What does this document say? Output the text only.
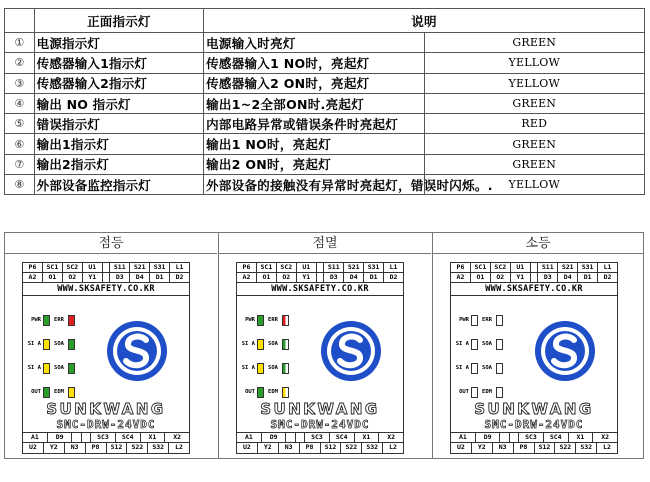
	正面指示灯	说明	
①	电源指示灯	电源输入时亮灯	GREEN
②	传感器输入1指示灯	传感器输入1 NO时，亮起灯	YELLOW
③	传感器输入2指示灯	传感器输入2 ON时，亮起灯	YELLOW
④	输出 NO 指示灯	输出1~2全部ON时.亮起灯	GREEN
⑤	错误指示灯	内部电路异常或错误条件时亮起灯	RED
⑥	输出1指示灯	输出1 NO时，亮起灯	GREEN
⑦	输出2指示灯	输出2 ON时，亮起灯	GREEN
⑧	外部设备监控指示灯	外部设备的接触没有异常时亮起灯，错误时闪烁。.	YELLOW
점등
P6	SC1	SC2	U1	S11	S21	S31	L1
A2	O1	O2	Y1	D3	D4	D1	D2
WWW.SKSAFETY.CO.KR
PWR	ERR
SI A	SOA
SI A	SOA
OUT	EDM
SUNKWANG
SMC-DRW-24VDC
A1	D9	SC3	SC4	X1	X2
U2	Y2	N3	P8	S12	S22	S32	L2
점멸
P6	SC1	SC2	U1	S11	S21	S31	L1
A2	O1	O2	Y1	D3	D4	D1	D2
WWW.SKSAFETY.CO.KR
PWR	ERR
SI A	SOA
SI A	SOA
OUT	EDM
SUNKWANG
SMC-DRW-24VDC
A1	D9	SC3	SC4	X1	X2
U2	Y2	N3	P8	S12	S22	S32	L2
소등
P6	SC1	SC2	U1	S11	S21	S31	L1
A2	O1	O2	Y1	D3	D4	D1	D2
WWW.SKSAFETY.CO.KR
PWR	ERR
SI A	SOA
SI A	SOA
OUT	EDM
SUNKWANG
SMC-DRW-24VDC
A1	D9	SC3	SC4	X1	X2
U2	Y2	N3	P8	S12	S22	S32	L2
